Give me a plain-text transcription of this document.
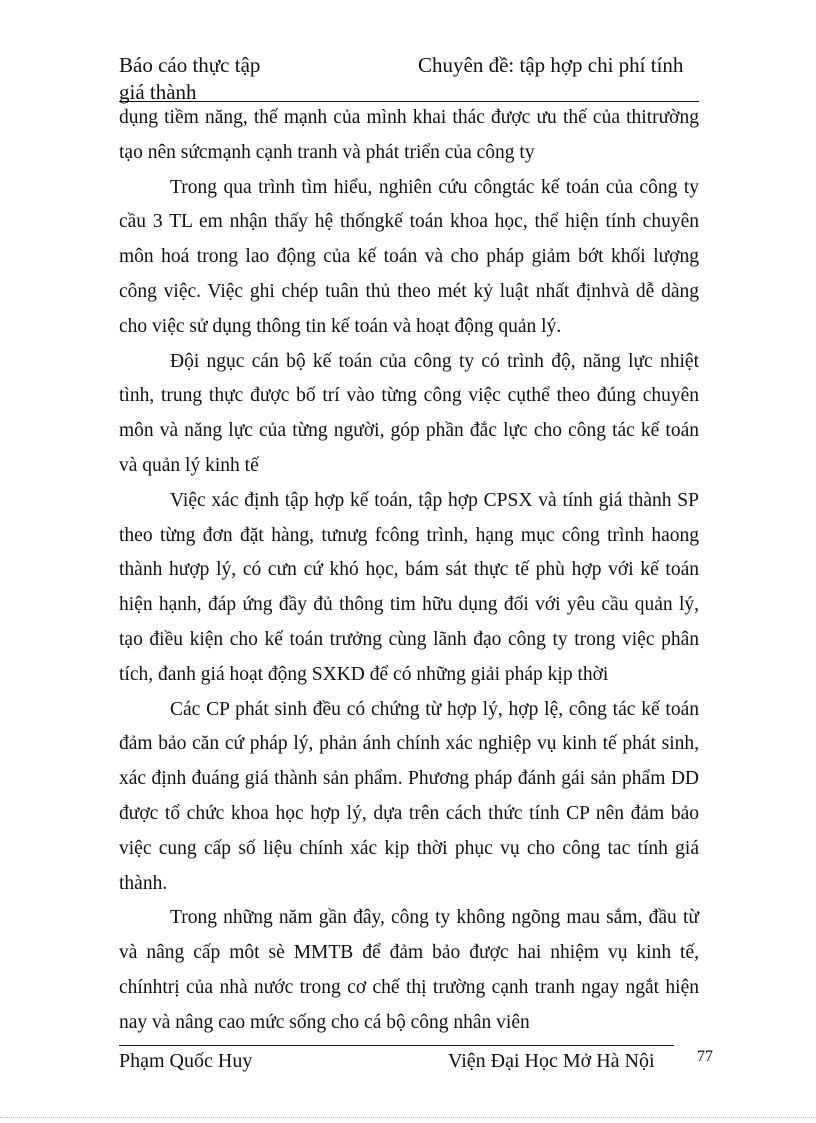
Báo cáo thực tập
giá thành
Chuyên đề: tập hợp chi phí tính

dụng tiềm năng, thế mạnh của mình khai thác được ưu thế của thitrường tạo nên sứcmạnh cạnh tranh và phát triển của công ty

Trong qua trình tìm hiểu, nghiên cứu côngtác kế toán của công ty cầu 3 TL em nhận thấy hệ thốngkế toán khoa học, thể hiện tính chuyên môn hoá trong lao động của kế toán và cho pháp giảm bớt khối lượng công việc. Việc ghi chép tuân thủ theo mét kỷ luật nhất địnhvà dễ dàng cho việc sử dụng thông tin kế toán và hoạt động quản lý.

Đội ngục cán bộ kế toán của công ty có trình độ, năng lực nhiệt tình, trung thực được bố trí vào từng công việc cụthể theo đúng chuyên môn và năng lực của từng người, góp phần đắc lực cho công tác kế toán và quản lý kinh tế

Việc xác định tập hợp kế toán, tập hợp CPSX và tính giá thành SP theo từng đơn đặt hàng, tưnưg fcông trình, hạng mục công trình haong thành hượp lý, có cưn cứ khó học, bám sát thực tế phù hợp với kế toán hiện hạnh, đáp ứng đầy đủ thông tim hữu dụng đối với yêu cầu quản lý, tạo điều kiện cho kế toán trưởng cùng lãnh đạo công ty trong việc phân tích, đanh giá hoạt động SXKD để có những giải pháp kịp thời

Các CP phát sinh đều có chứng từ hợp lý, hợp lệ, công tác kế toán đảm bảo căn cứ pháp lý, phản ánh chính xác nghiệp vụ kinh tế phát sinh, xác định đuáng giá thành sản phẩm. Phương pháp đánh gái sản phẩm DD được tổ chức khoa học hợp lý, dựa trên cách thức tính CP nên đảm bảo việc cung cấp số liệu chính xác kịp thời phục vụ cho công tac tính giá thành.

Trong những năm gần đây, công ty không ngõng mau sắm, đầu từ và nâng cấp môt sè MMTB để đảm bảo được hai nhiệm vụ kinh tế, chínhtrị của nhà nước trong cơ chế thị trường cạnh tranh ngay ngắt hiện nay và nâng cao mức sống cho cá bộ công nhân viên

Phạm Quốc Huy	Viện Đại Học Mở Hà Nội	77
